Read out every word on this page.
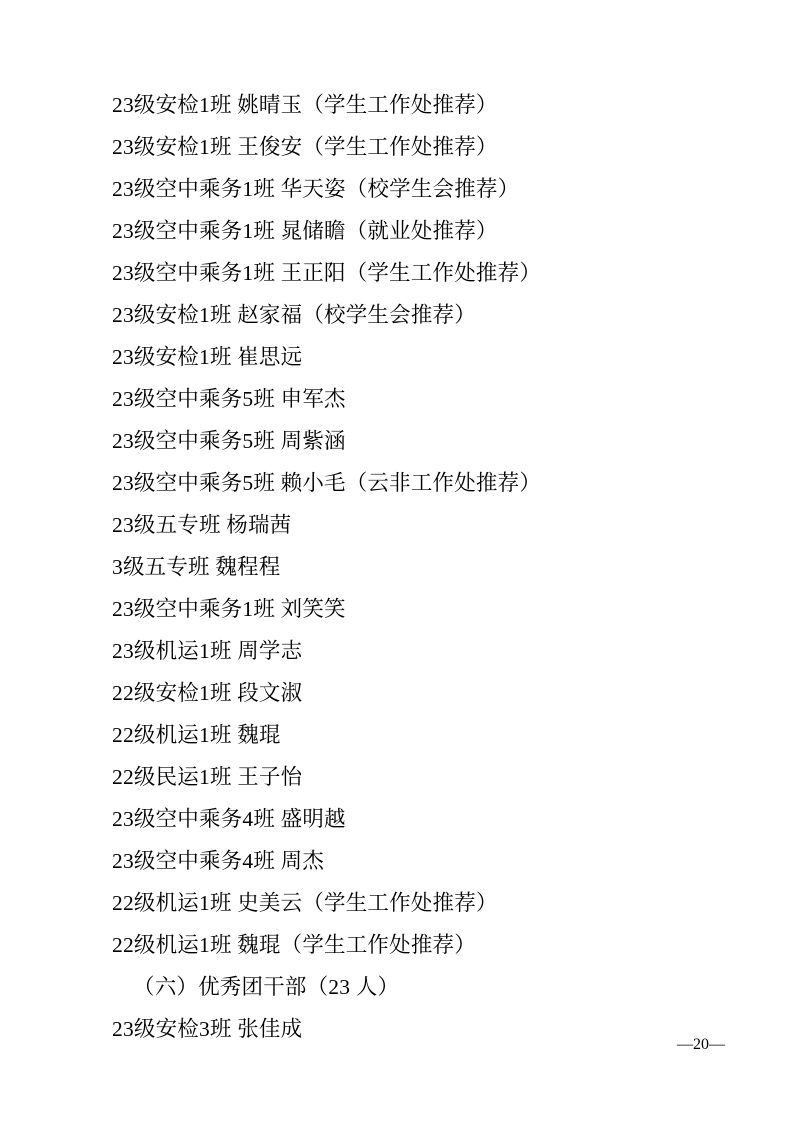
23级安检1班 姚晴玉（学生工作处推荐）
23级安检1班 王俊安（学生工作处推荐）
23级空中乘务1班 华天姿（校学生会推荐）
23级空中乘务1班 晁储瞻（就业处推荐）
23级空中乘务1班 王正阳（学生工作处推荐）
23级安检1班 赵家福（校学生会推荐）
23级安检1班 崔思远
23级空中乘务5班 申军杰
23级空中乘务5班 周紫涵
23级空中乘务5班 赖小毛（云非工作处推荐）
23级五专班 杨瑞茜
3级五专班 魏程程
23级空中乘务1班 刘笑笑
23级机运1班 周学志
22级安检1班 段文淑
22级机运1班 魏琨
22级民运1班 王子怡
23级空中乘务4班 盛明越
23级空中乘务4班 周杰
22级机运1班 史美云（学生工作处推荐）
22级机运1班 魏琨（学生工作处推荐）
（六）优秀团干部（23 人）
23级安检3班 张佳成
—20—
